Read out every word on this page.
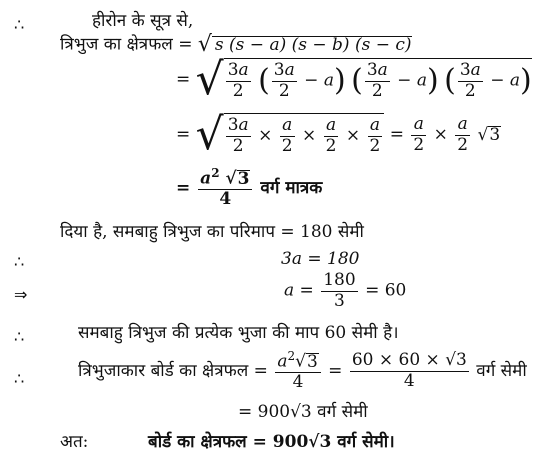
∴	हीरोन के सूत्र से,
त्रिभुज का क्षेत्रफल = √ s (s − a) (s − b) (s − c)
= √ $\frac{3a}{2}$ ( $\frac{3a}{2} - a$) ( $\frac{3a}{2} - a$) ( $\frac{3a}{2} - a$)
= √ $\frac{3a}{2} \times \frac{a}{2} \times \frac{a}{2} \times \frac{a}{2} = \frac{a}{2} \times \frac{a}{2} √3$
= $\frac{a^2 √3}{4}$ वर्ग मात्रक
दिया है, समबाहु त्रिभुज का परिमाप = 180 सेमी
∴	3a = 180
⇒	$a = \frac{180}{3} = 60$
∴	समबाहु त्रिभुज की प्रत्येक भुजा की माप 60 सेमी है।
∴	त्रिभुजाकार बोर्ड का क्षेत्रफल = $\frac{a^2√3}{4} = \frac{60 \times 60 \times √3}{4}$ वर्ग सेमी
= 900√3 वर्ग सेमी
अत:	बोर्ड का क्षेत्रफल = 900√3 वर्ग सेमी।
